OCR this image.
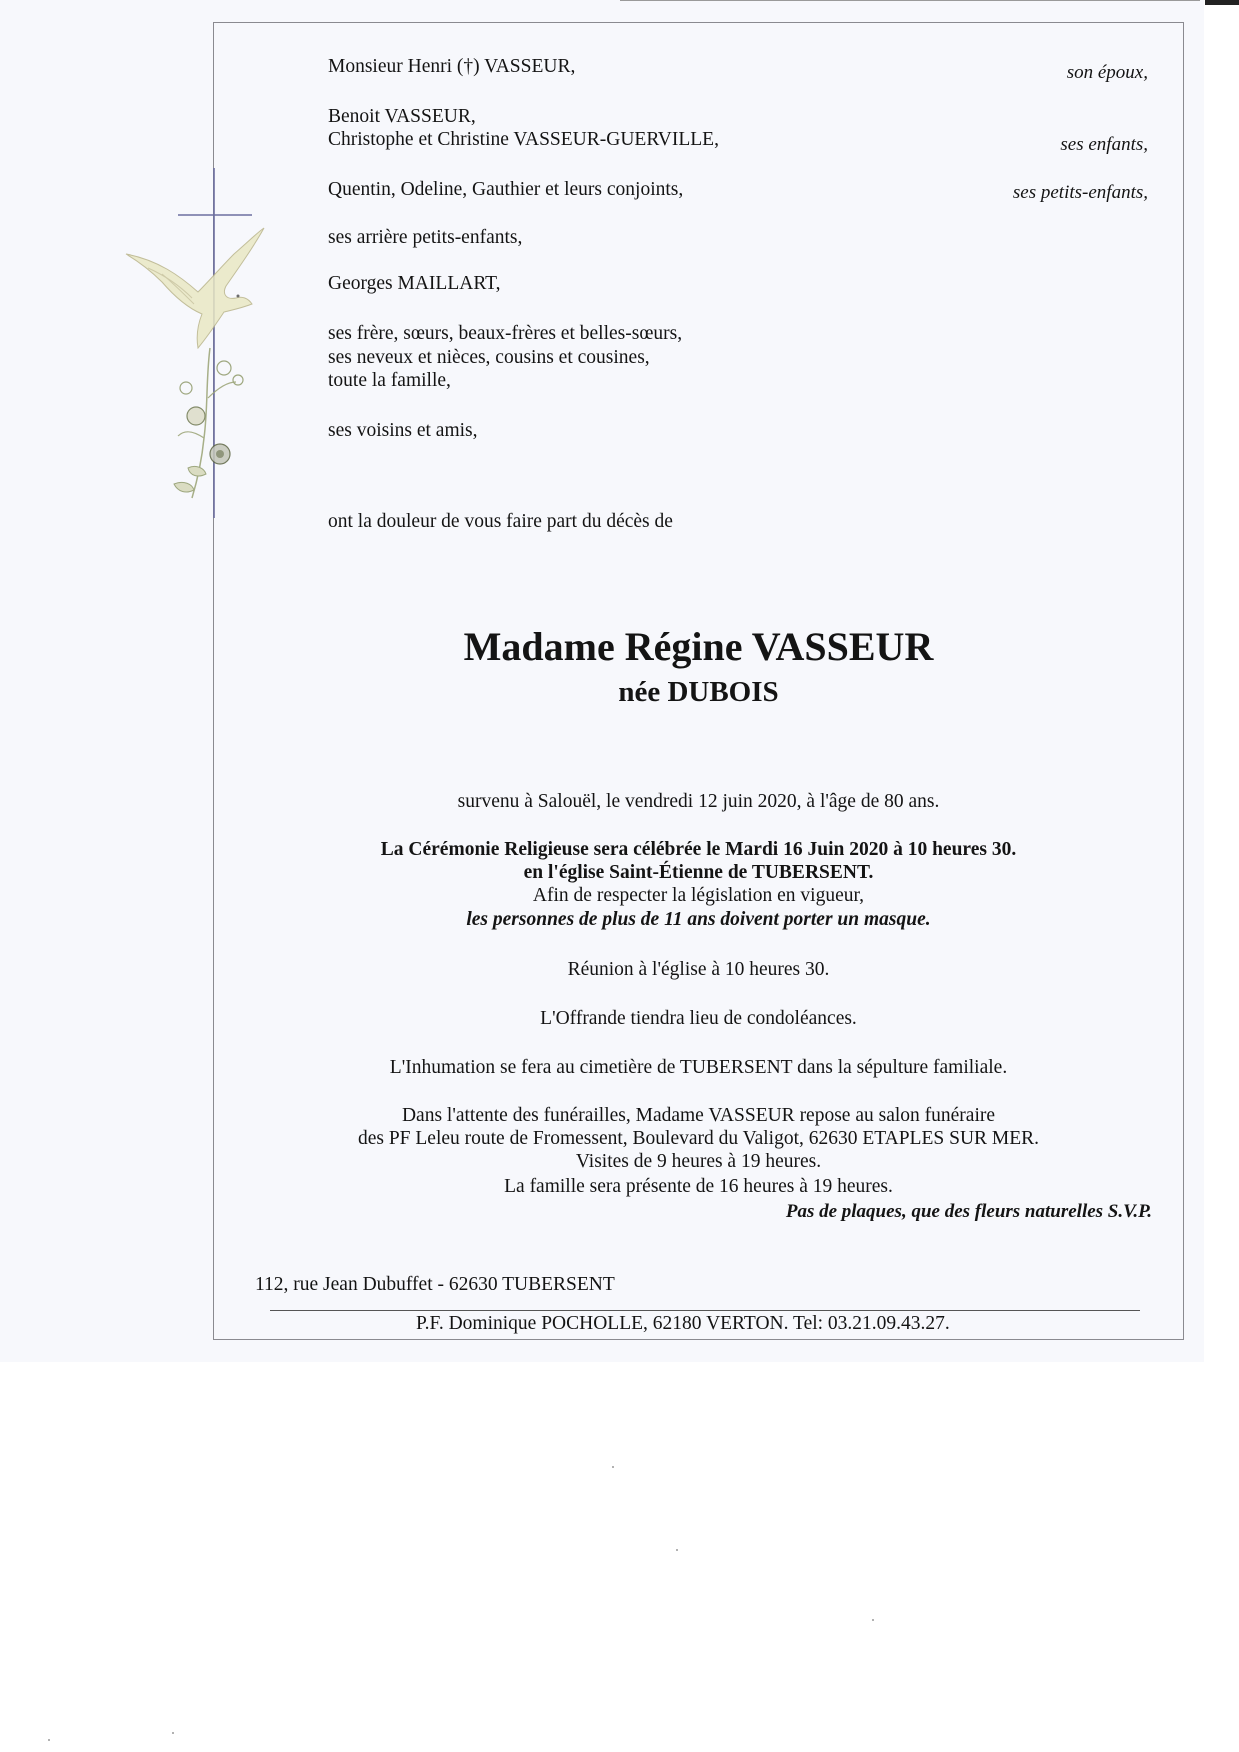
Monsieur Henri (†) VASSEUR,
Benoit VASSEUR,
Christophe et Christine VASSEUR-GUERVILLE,
Quentin, Odeline, Gauthier et leurs conjoints,
ses arrière petits-enfants,
Georges MAILLART,
ses frère, sœurs, beaux-frères et belles-sœurs,
ses neveux et nièces, cousins et cousines,
toute la famille,
ses voisins et amis,
son époux,
ses enfants,
ses petits-enfants,
ont la douleur de vous faire part du décès de
Madame Régine VASSEUR
née DUBOIS
survenu à Salouël, le vendredi 12 juin 2020, à l'âge de 80 ans.
La Cérémonie Religieuse sera célébrée le Mardi 16 Juin 2020 à 10 heures 30.
en l'église Saint-Étienne de TUBERSENT.
Afin de respecter la législation en vigueur,
les personnes de plus de 11 ans doivent porter un masque.
Réunion à l'église à 10 heures 30.
L'Offrande tiendra lieu de condoléances.
L'Inhumation se fera au cimetière de TUBERSENT dans la sépulture familiale.
Dans l'attente des funérailles, Madame VASSEUR repose au salon funéraire
des PF Leleu route de Fromessent, Boulevard du Valigot, 62630 ETAPLES SUR MER.
Visites de 9 heures à 19 heures.
La famille sera présente de 16 heures à 19 heures.
Pas de plaques, que des fleurs naturelles S.V.P.
112, rue Jean Dubuffet - 62630 TUBERSENT
P.F. Dominique POCHOLLE, 62180 VERTON. Tel: 03.21.09.43.27.
